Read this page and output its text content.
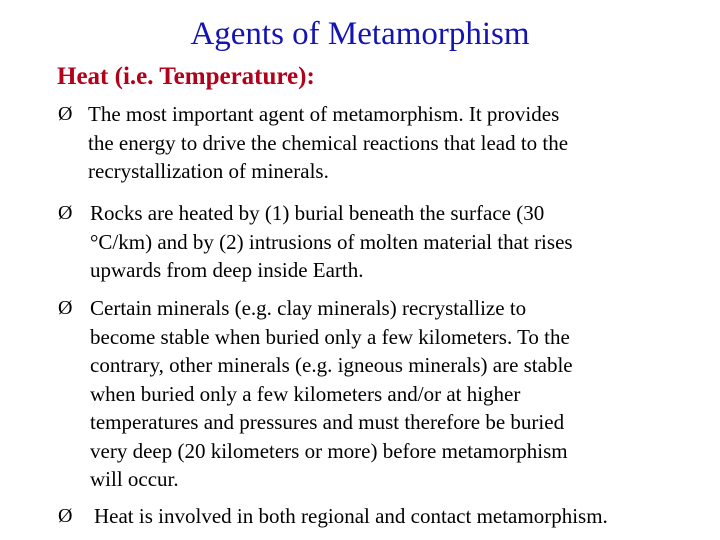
Agents of Metamorphism
Heat (i.e. Temperature):
Ø The most important agent of metamorphism. It provides
the energy to drive the chemical reactions that lead to the
recrystallization of minerals.
Ø Rocks are heated by (1) burial beneath the surface (30
°C/km) and by (2) intrusions of molten material that rises
upwards from deep inside Earth.
Ø Certain minerals (e.g. clay minerals) recrystallize to
become stable when buried only a few kilometers. To the
contrary, other minerals (e.g. igneous minerals) are stable
when buried only a few kilometers and/or at higher
temperatures and pressures and must therefore be buried
very deep (20 kilometers or more) before metamorphism
will occur.
Ø	Heat is involved in both regional and contact metamorphism.
